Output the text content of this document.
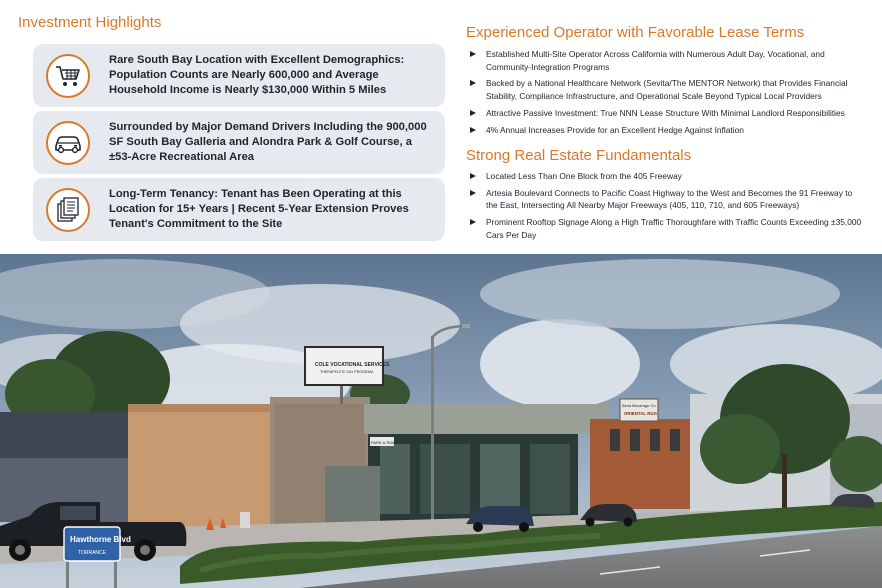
Investment Highlights
Rare South Bay Location with Excellent Demographics: Population Counts are Nearly 600,000 and Average Household Income is Nearly $130,000 Within 5 Miles
Surrounded by Major Demand Drivers Including the 900,000 SF South Bay Galleria and Alondra Park & Golf Course, a ±53-Acre Recreational Area
Long-Term Tenancy: Tenant has Been Operating at this Location for 15+ Years | Recent 5-Year Extension Proves Tenant's Commitment to the Site
Experienced Operator with Favorable Lease Terms
Established Multi-Site Operator Across California with Numerous Adult Day, Vocational, and Community-Integration Programs
Backed by a National Healthcare Network (Sevita/The MENTOR Network) that Provides Financial Stability, Compliance Infrastructure, and Operational Scale Beyond Typical Local Providers
Attractive Passive Investment: True NNN Lease Structure With Minimal Landlord Responsibilities
4% Annual Increases Provide for an Excellent Hedge Against Inflation
Strong Real Estate Fundamentals
Located Less Than One Block from the 405 Freeway
Artesia Boulevard Connects to Pacific Coast Highway to the West and Becomes the 91 Freeway to the East, Intersecting All Nearby Major Freeways (405, 110, 710, and 605 Freeways)
Prominent Rooftop Signage Along a High Traffic Thoroughfare with Traffic Counts Exceeding ±35,000 Cars Per Day
COLE VOCATIONAL SERVICES
THERAPEUTIC DAY PROGRAM
PARK & RIDE
Alma Bevarage Co.
ORIENTAL RUG
Hawthorne Blvd
TORRANCE
